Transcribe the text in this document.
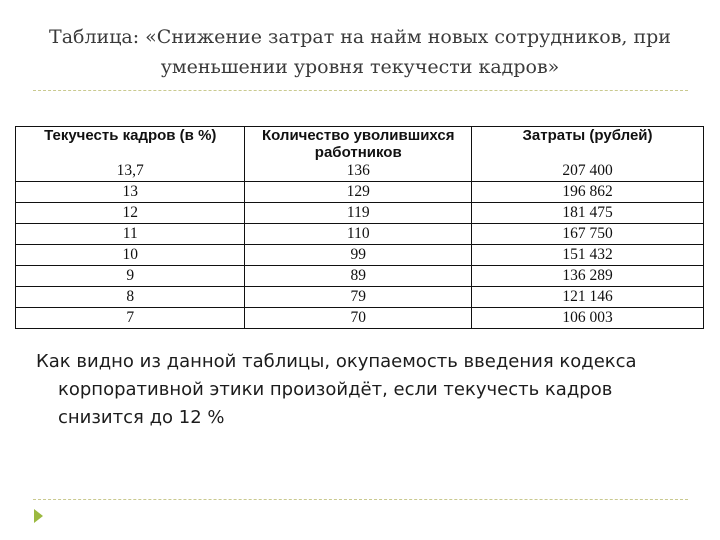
Таблица: «Снижение затрат на найм новых сотрудников, при
уменьшении уровня текучести кадров»
Текучесть кадров (в %)	Количество уволившихся работников	Затраты (рублей)
13,7	136	207 400
13	129	196 862
12	119	181 475
11	110	167 750
10	99	151 432
9	89	136 289
8	79	121 146
7	70	106 003
Как видно из данной таблицы, окупаемость введения кодекса корпоративной этики произойдёт, если текучесть кадров снизится до 12 %
